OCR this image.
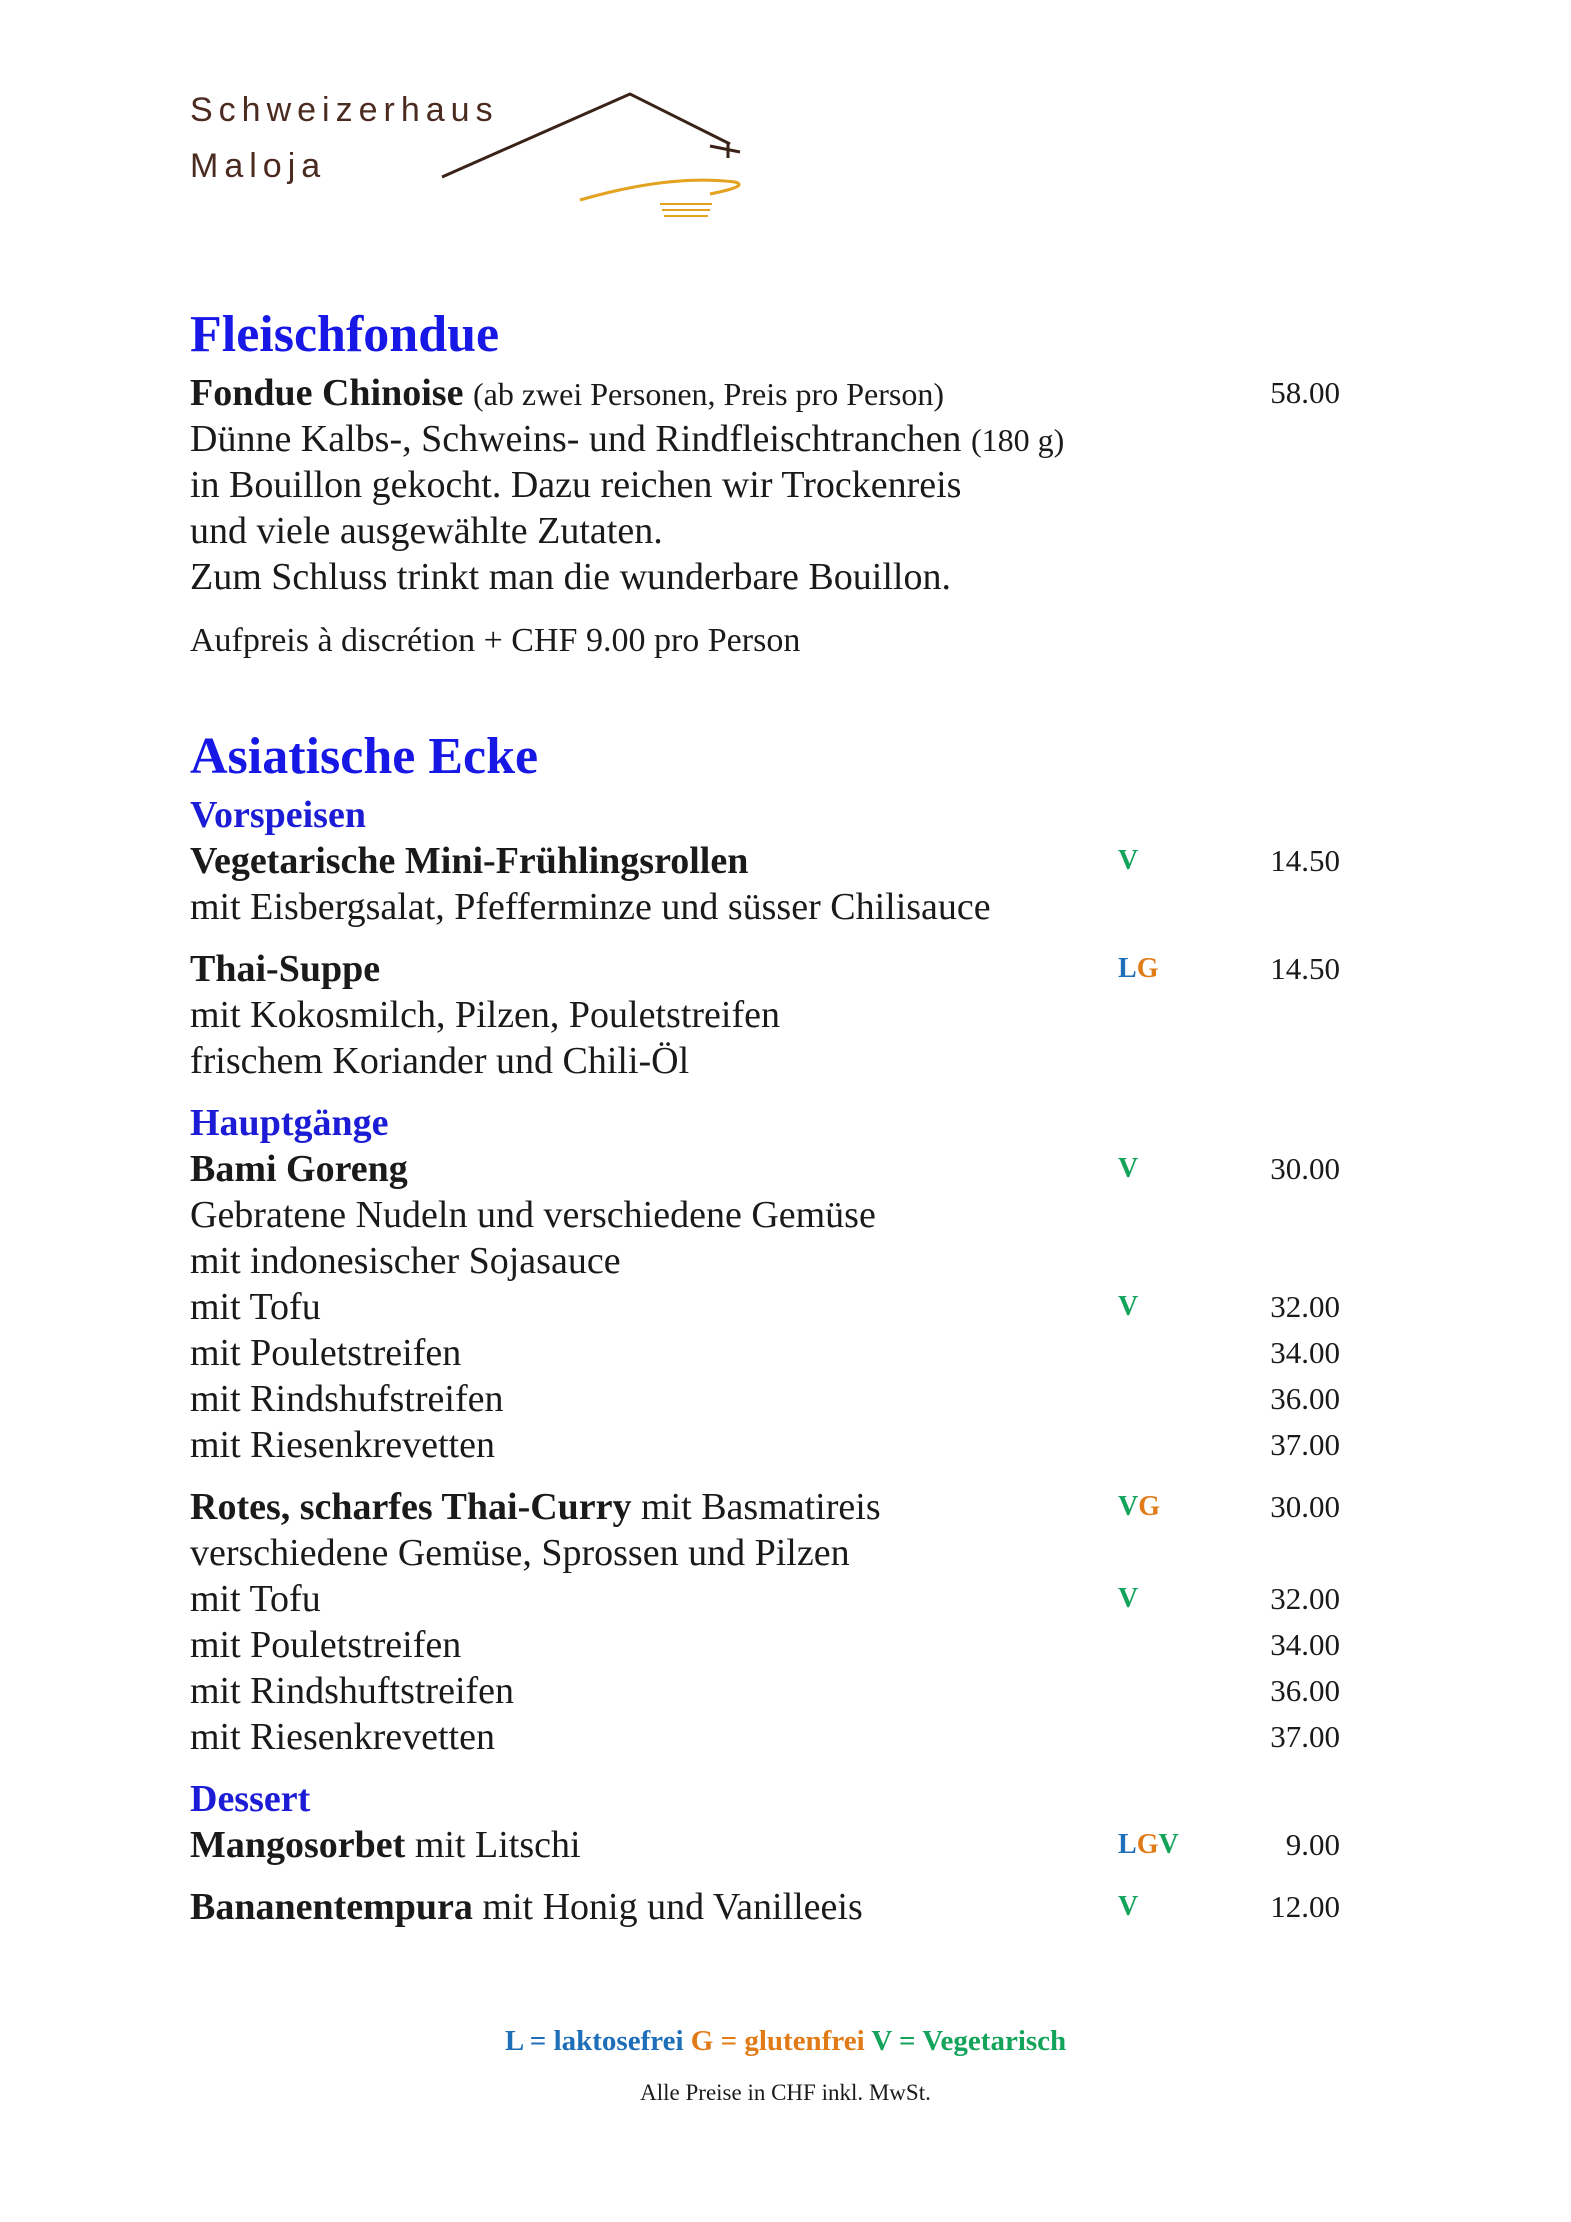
Schweizerhaus
Maloja
Fleischfondue
Fondue Chinoise (ab zwei Personen, Preis pro Person)	58.00
Dünne Kalbs-, Schweins- und Rindfleischtranchen (180 g)
in Bouillon gekocht. Dazu reichen wir Trockenreis
und viele ausgewählte Zutaten.
Zum Schluss trinkt man die wunderbare Bouillon.
Aufpreis à discrétion + CHF 9.00 pro Person
Asiatische Ecke
Vorspeisen
Vegetarische Mini-Frühlingsrollen	V	14.50
mit Eisbergsalat, Pfefferminze und süsser Chilisauce
Thai-Suppe	LG	14.50
mit Kokosmilch, Pilzen, Pouletstreifen
frischem Koriander und Chili-Öl
Hauptgänge
Bami Goreng	V	30.00
Gebratene Nudeln und verschiedene Gemüse
mit indonesischer Sojasauce
mit Tofu	V	32.00
mit Pouletstreifen	34.00
mit Rindshufstreifen	36.00
mit Riesenkrevetten	37.00
Rotes, scharfes Thai-Curry mit Basmatireis	VG	30.00
verschiedene Gemüse, Sprossen und Pilzen
mit Tofu	V	32.00
mit Pouletstreifen	34.00
mit Rindshuftstreifen	36.00
mit Riesenkrevetten	37.00
Dessert
Mangosorbet mit Litschi	LGV	9.00
Bananentempura mit Honig und Vanilleeis	V	12.00
L = laktosefrei G = glutenfrei V = Vegetarisch
Alle Preise in CHF inkl. MwSt.
